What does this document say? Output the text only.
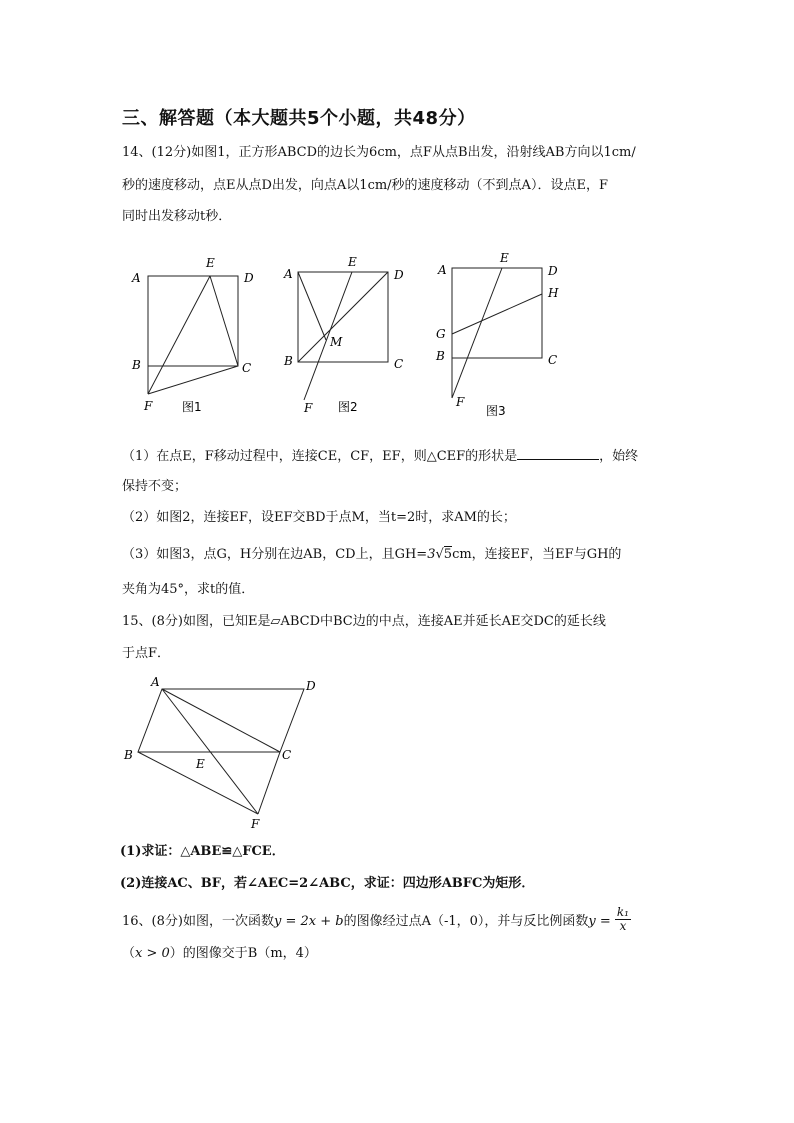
三、解答题（本大题共5个小题，共48分）
14、(12分)如图1，正方形ABCD的边长为6cm，点F从点B出发，沿射线AB方向以1cm/
秒的速度移动，点E从点D出发，向点A以1cm/秒的速度移动（不到点A）．设点E，F
同时出发移动t秒．
A
E
D
B	C
F 图1
A
E
D
M
B	C
F 图2
A
E
D
H
G
B	C
F
图3
（1）在点E，F移动过程中，连接CE，CF，EF，则△CEF的形状是	，始终
保持不变；
（2）如图2，连接EF，设EF交BD于点M，当t=2时，求AM的长；
（3）如图3，点G，H分别在边AB，CD上，且GH=3√5cm，连接EF，当EF与GH的
夹角为45°，求t的值．
15、(8分)如图，已知E是▱ABCD中BC边的中点，连接AE并延长AE交DC的延长线
于点F．
A	D
B
E
C
F
(1)求证：△ABE≌△FCE．
(2)连接AC、BF，若∠AEC=2∠ABC，求证：四边形ABFC为矩形．
16、(8分)如图，一次函数y = 2x + b的图像经过点A（-1，0），并与反比例函数$y = \frac{\text{k₁}}{x}$
（x > 0）的图像交于B（m，4）
